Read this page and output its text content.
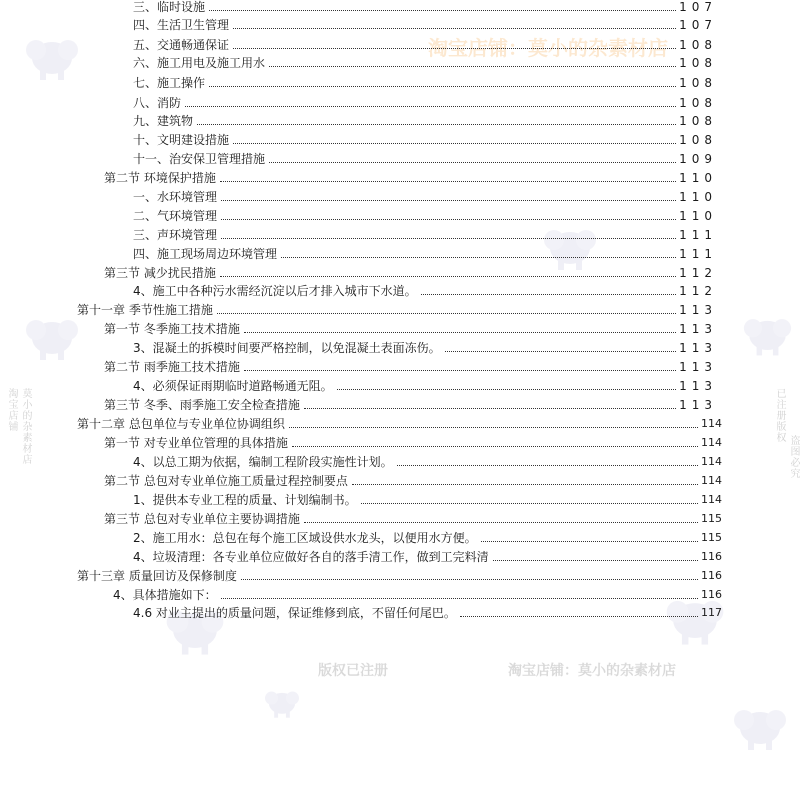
淘宝店铺：莫小的杂素材店
版权已注册	淘宝店铺：莫小的杂素材店
淘宝店铺 莫小的杂素材店	已注册版权
盗图必究
三、临时设施	107
四、生活卫生管理	107
五、交通畅通保证	108
六、施工用电及施工用水	108
七、施工操作	108
八、消防	108
九、建筑物	108
十、文明建设措施	108
十一、治安保卫管理措施	109
第二节 环境保护措施	110
一、水环境管理	110
二、气环境管理	110
三、声环境管理	111
四、施工现场周边环境管理	111
第三节 减少扰民措施	112
4、施工中各种污水需经沉淀以后才排入城市下水道。	112
第十一章 季节性施工措施	113
第一节 冬季施工技术措施	113
3、混凝土的拆模时间要严格控制，以免混凝土表面冻伤。	113
第二节 雨季施工技术措施	113
4、必须保证雨期临时道路畅通无阻。	113
第三节 冬季、雨季施工安全检查措施	113
第十二章 总包单位与专业单位协调组织	114
第一节 对专业单位管理的具体措施	114
4、以总工期为依据，编制工程阶段实施性计划。	114
第二节 总包对专业单位施工质量过程控制要点	114
1、提供本专业工程的质量、计划编制书。	114
第三节 总包对专业单位主要协调措施	115
2、施工用水：总包在每个施工区域设供水龙头，以便用水方便。	115
4、垃圾清理：各专业单位应做好各自的落手清工作，做到工完料清	116
第十三章 质量回访及保修制度	116
4、具体措施如下：	116
4.6 对业主提出的质量问题，保证维修到底，不留任何尾巴。	117
